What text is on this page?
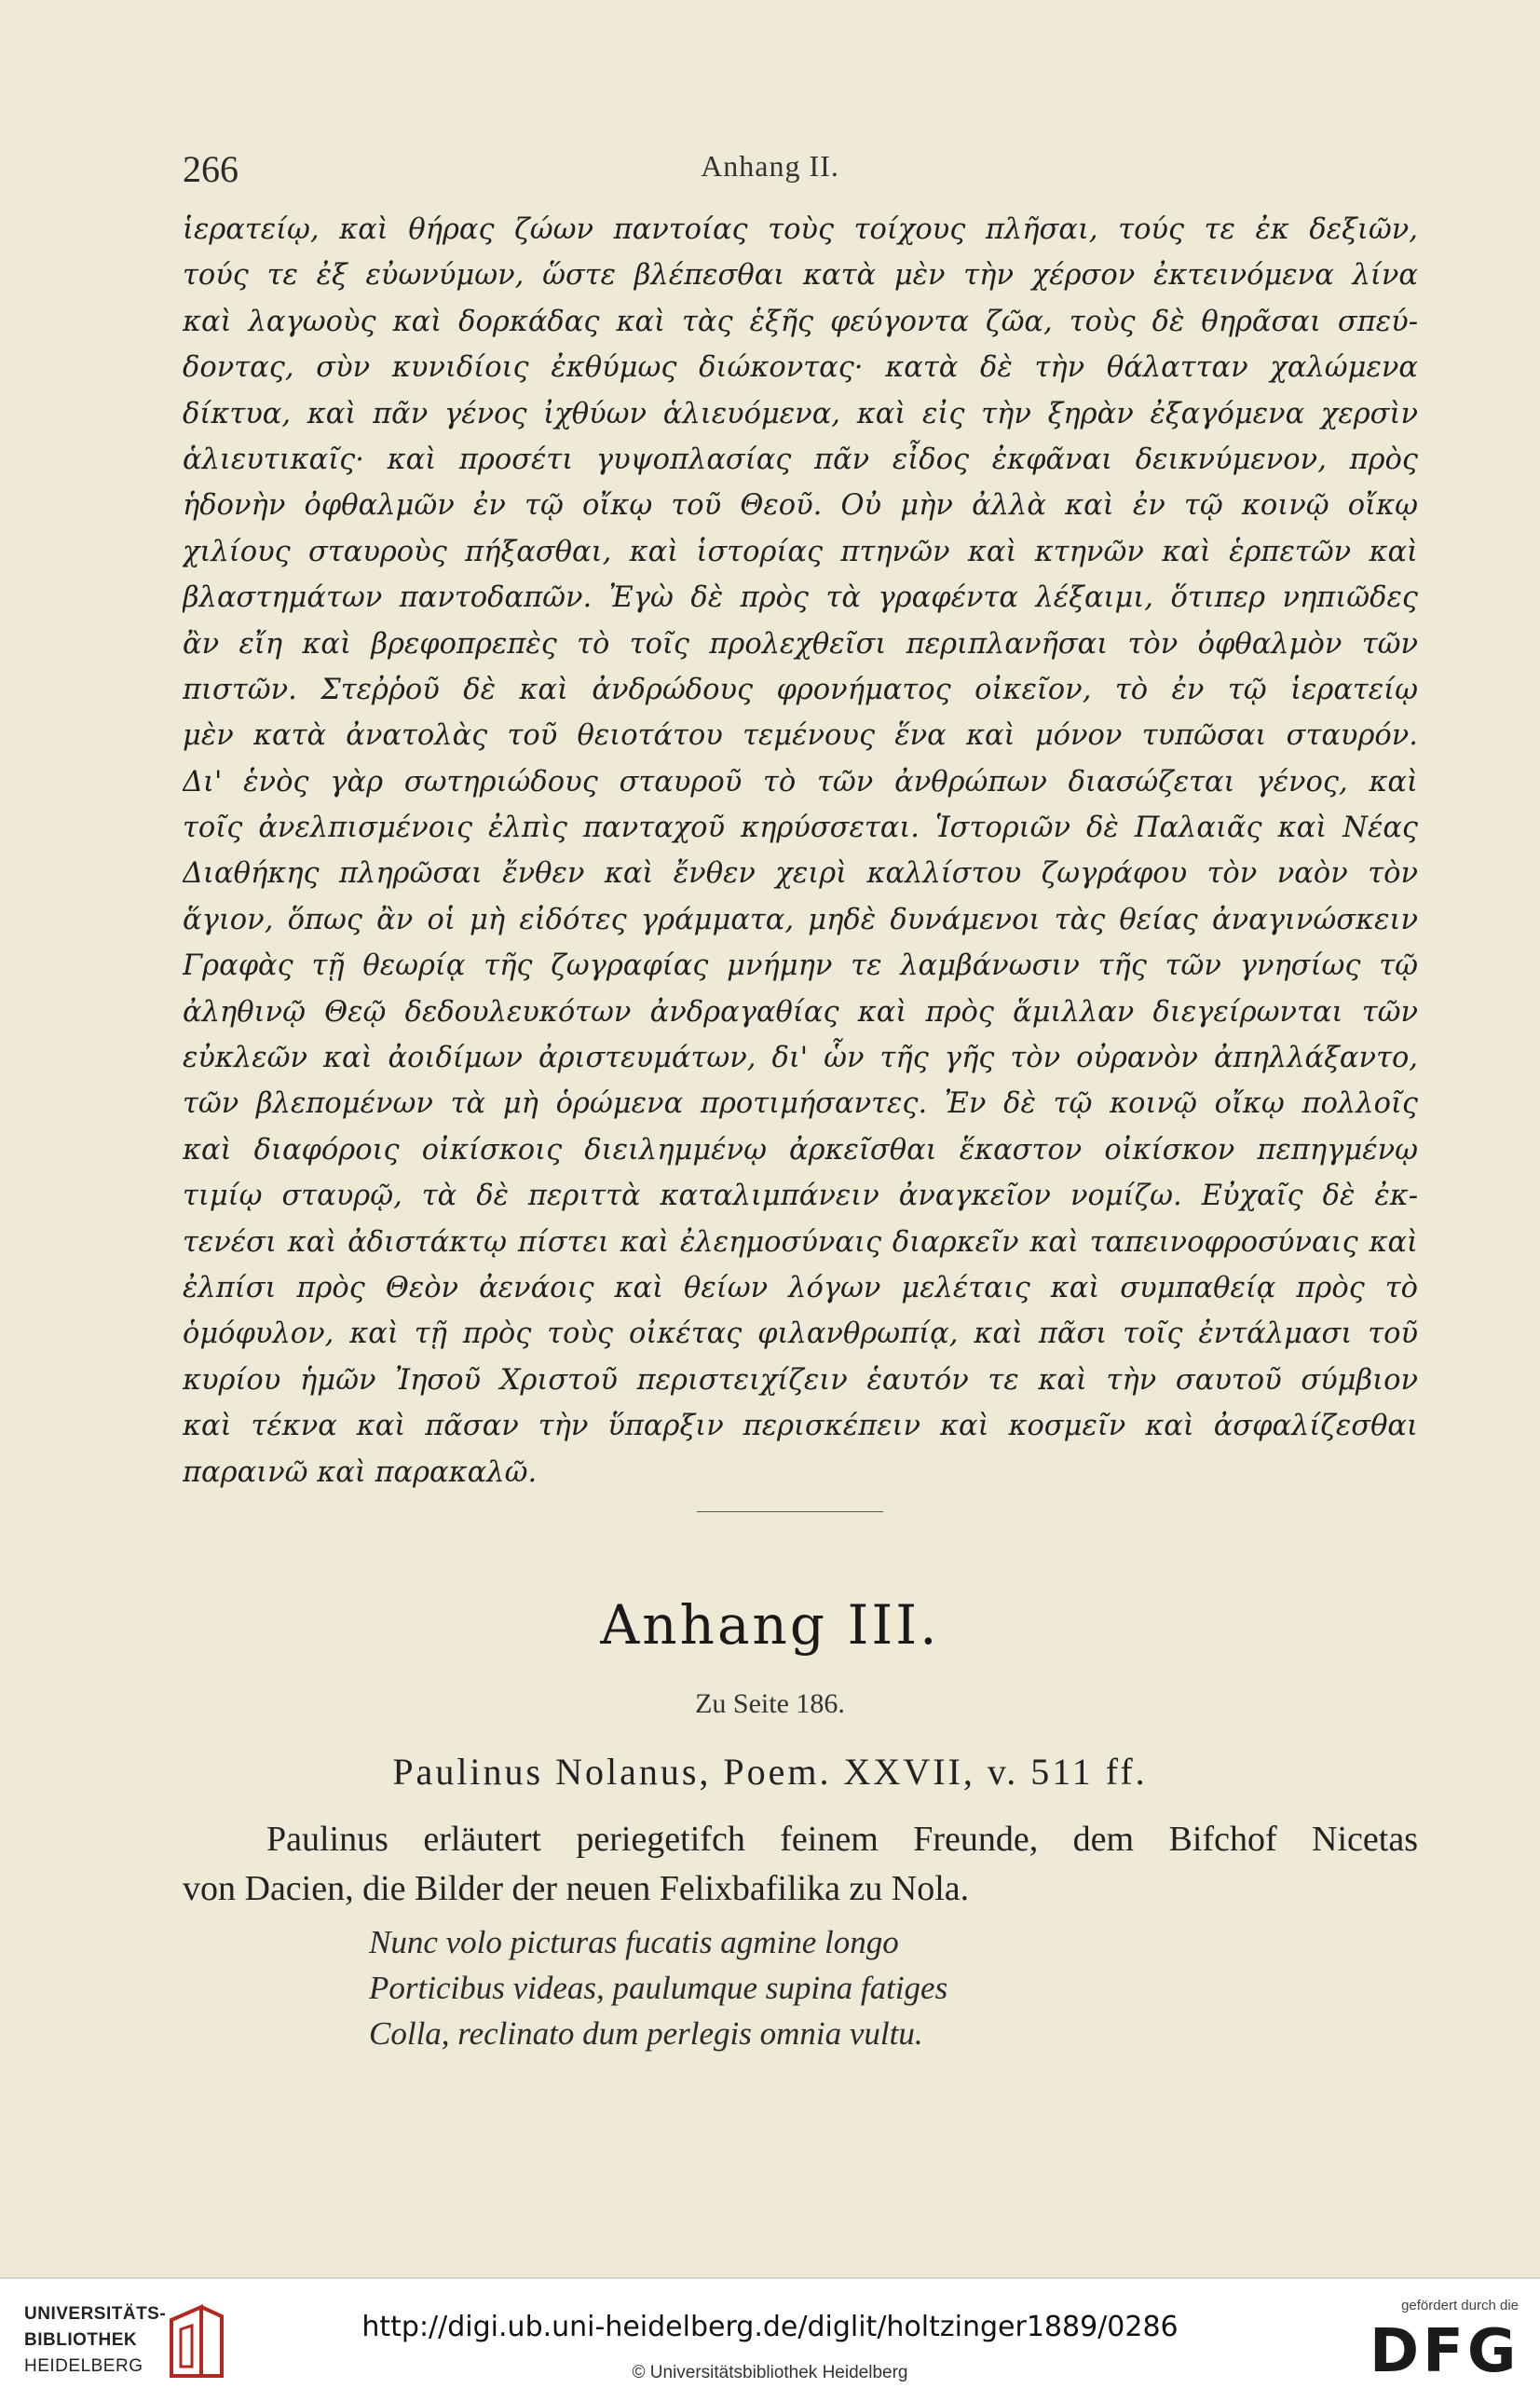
266	Anhang II.
ἱερατείῳ, καὶ θήρας ζώων παντοίας τοὺς τοίχους πλῆσαι, τούς τε ἐκ δεξιῶν,
τούς τε ἐξ εὐωνύμων, ὥστε βλέπεσθαι κατὰ μὲν τὴν χέρσον ἐκτεινόμενα λίνα
καὶ λαγωοὺς καὶ δορκάδας καὶ τὰς ἑξῆς φεύγοντα ζῶα, τοὺς δὲ θηρᾶσαι σπεύ-
δοντας, σὺν κυνιδίοις ἐκθύμως διώκοντας· κατὰ δὲ τὴν θάλατταν χαλώμενα
δίκτυα, καὶ πᾶν γένος ἰχθύων ἁλιευόμενα, καὶ εἰς τὴν ξηρὰν ἐξαγόμενα χερσὶν
ἁλιευτικαῖς· καὶ προσέτι γυψοπλασίας πᾶν εἶδος ἐκφᾶναι δεικνύμενον, πρὸς
ἡδονὴν ὀφθαλμῶν ἐν τῷ οἴκῳ τοῦ Θεοῦ. Οὐ μὴν ἀλλὰ καὶ ἐν τῷ κοινῷ οἴκῳ
χιλίους σταυροὺς πήξασθαι, καὶ ἱστορίας πτηνῶν καὶ κτηνῶν καὶ ἑρπετῶν καὶ
βλαστημάτων παντοδαπῶν. Ἐγὼ δὲ πρὸς τὰ γραφέντα λέξαιμι, ὅτιπερ νηπιῶδες
ἂν εἴη καὶ βρεφοπρεπὲς τὸ τοῖς προλεχθεῖσι περιπλανῆσαι τὸν ὀφθαλμὸν τῶν
πιστῶν. Στεῤῥοῦ δὲ καὶ ἀνδρώδους φρονήματος οἰκεῖον, τὸ ἐν τῷ ἱερατείῳ
μὲν κατὰ ἀνατολὰς τοῦ θειοτάτου τεμένους ἕνα καὶ μόνον τυπῶσαι σταυρόν.
Δι' ἑνὸς γὰρ σωτηριώδους σταυροῦ τὸ τῶν ἀνθρώπων διασώζεται γένος, καὶ
τοῖς ἀνελπισμένοις ἐλπὶς πανταχοῦ κηρύσσεται. Ἱστοριῶν δὲ Παλαιᾶς καὶ Νέας
Διαθήκης πληρῶσαι ἔνθεν καὶ ἔνθεν χειρὶ καλλίστου ζωγράφου τὸν ναὸν τὸν
ἅγιον, ὅπως ἂν οἱ μὴ εἰδότες γράμματα, μηδὲ δυνάμενοι τὰς θείας ἀναγινώσκειν
Γραφὰς τῇ θεωρίᾳ τῆς ζωγραφίας μνήμην τε λαμβάνωσιν τῆς τῶν γνησίως τῷ
ἀληθινῷ Θεῷ δεδουλευκότων ἀνδραγαθίας καὶ πρὸς ἅμιλλαν διεγείρωνται τῶν
εὐκλεῶν καὶ ἀοιδίμων ἀριστευμάτων, δι' ὧν τῆς γῆς τὸν οὐρανὸν ἀπηλλάξαντο,
τῶν βλεπομένων τὰ μὴ ὁρώμενα προτιμήσαντες. Ἐν δὲ τῷ κοινῷ οἴκῳ πολλοῖς
καὶ διαφόροις οἰκίσκοις διειλημμένῳ ἀρκεῖσθαι ἕκαστον οἰκίσκον πεπηγμένῳ
τιμίῳ σταυρῷ, τὰ δὲ περιττὰ καταλιμπάνειν ἀναγκεῖον νομίζω. Εὐχαῖς δὲ ἐκ-
τενέσι καὶ ἀδιστάκτῳ πίστει καὶ ἐλεημοσύναις διαρκεῖν καὶ ταπεινοφροσύναις καὶ
ἐλπίσι πρὸς Θεὸν ἀενάοις καὶ θείων λόγων μελέταις καὶ συμπαθείᾳ πρὸς τὸ
ὁμόφυλον, καὶ τῇ πρὸς τοὺς οἰκέτας φιλανθρωπίᾳ, καὶ πᾶσι τοῖς ἐντάλμασι τοῦ
κυρίου ἡμῶν Ἰησοῦ Χριστοῦ περιστειχίζειν ἑαυτόν τε καὶ τὴν σαυτοῦ σύμβιον
καὶ τέκνα καὶ πᾶσαν τὴν ὕπαρξιν περισκέπειν καὶ κοσμεῖν καὶ ἀσφαλίζεσθαι
παραινῶ καὶ παρακαλῶ.
Anhang III.
Zu Seite 186.
Paulinus Nolanus, Poem. XXVII, v. 511 ff.
Paulinus erläutert periegetifch feinem Freunde, dem Bifchof Nicetas
von Dacien, die Bilder der neuen Felixbafilika zu Nola.
Nunc volo picturas fucatis agmine longo
Porticibus videas, paulumque supina fatiges
Colla, reclinato dum perlegis omnia vultu.
UNIVERSITÄTS-
BIBLIOTHEK
HEIDELBERG
http://digi.ub.uni-heidelberg.de/diglit/holtzinger1889/0286
© Universitätsbibliothek Heidelberg
gefördert durch die
DFG
